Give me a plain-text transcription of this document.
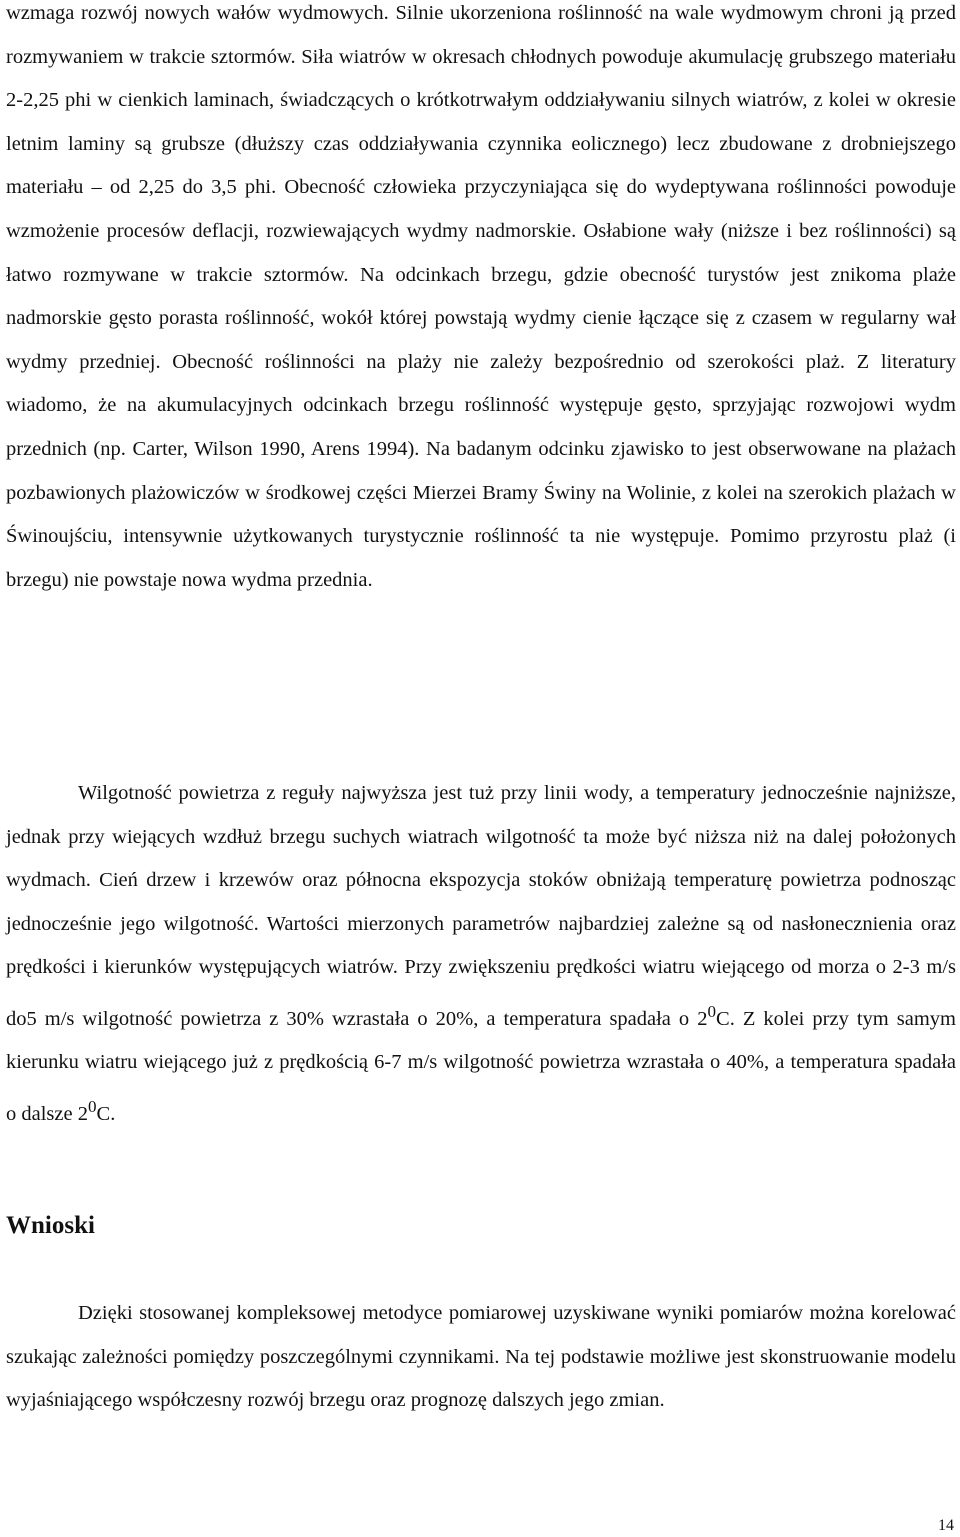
wzmaga rozwój nowych wałów wydmowych. Silnie ukorzeniona roślinność na wale wydmowym chroni ją przed rozmywaniem w trakcie sztormów. Siła wiatrów w okresach chłodnych powoduje akumulację grubszego materiału 2-2,25 phi w cienkich laminach, świadczących o krótkotrwałym oddziaływaniu silnych wiatrów, z kolei w okresie letnim laminy są grubsze (dłuższy czas oddziaływania czynnika eolicznego) lecz zbudowane z drobniejszego materiału – od 2,25 do 3,5 phi. Obecność człowieka przyczyniająca się do wydeptywana roślinności powoduje wzmożenie procesów deflacji, rozwiewających wydmy nadmorskie. Osłabione wały (niższe i bez roślinności) są łatwo rozmywane w trakcie sztormów. Na odcinkach brzegu, gdzie obecność turystów jest znikoma plaże nadmorskie gęsto porasta roślinność, wokół której powstają wydmy cienie łączące się z czasem w regularny wał wydmy przedniej. Obecność roślinności na plaży nie zależy bezpośrednio od szerokości plaż. Z literatury wiadomo, że na akumulacyjnych odcinkach brzegu roślinność występuje gęsto, sprzyjając rozwojowi wydm przednich (np. Carter, Wilson 1990, Arens 1994). Na badanym odcinku zjawisko to jest obserwowane na plażach pozbawionych plażowiczów w środkowej części Mierzei Bramy Świny na Wolinie, z kolei na szerokich plażach w Świnoujściu, intensywnie użytkowanych turystycznie roślinność ta nie występuje. Pomimo przyrostu plaż (i brzegu) nie powstaje nowa wydma przednia.

Wilgotność powietrza z reguły najwyższa jest tuż przy linii wody, a temperatury jednocześnie najniższe, jednak przy wiejących wzdłuż brzegu suchych wiatrach wilgotność ta może być niższa niż na dalej położonych wydmach. Cień drzew i krzewów oraz północna ekspozycja stoków obniżają temperaturę powietrza podnosząc jednocześnie jego wilgotność. Wartości mierzonych parametrów najbardziej zależne są od nasłonecznienia oraz prędkości i kierunków występujących wiatrów. Przy zwiększeniu prędkości wiatru wiejącego od morza o 2-3 m/s do5 m/s wilgotność powietrza z 30% wzrastała o 20%, a temperatura spadała o $2^0C$. Z kolei przy tym samym kierunku wiatru wiejącego już z prędkością 6-7 m/s wilgotność powietrza wzrastała o 40%, a temperatura spadała o dalsze $2^0C$.

Wnioski

Dzięki stosowanej kompleksowej metodyce pomiarowej uzyskiwane wyniki pomiarów można korelować szukając zależności pomiędzy poszczególnymi czynnikami. Na tej podstawie możliwe jest skonstruowanie modelu wyjaśniającego współczesny rozwój brzegu oraz prognozę dalszych jego zmian.

14
